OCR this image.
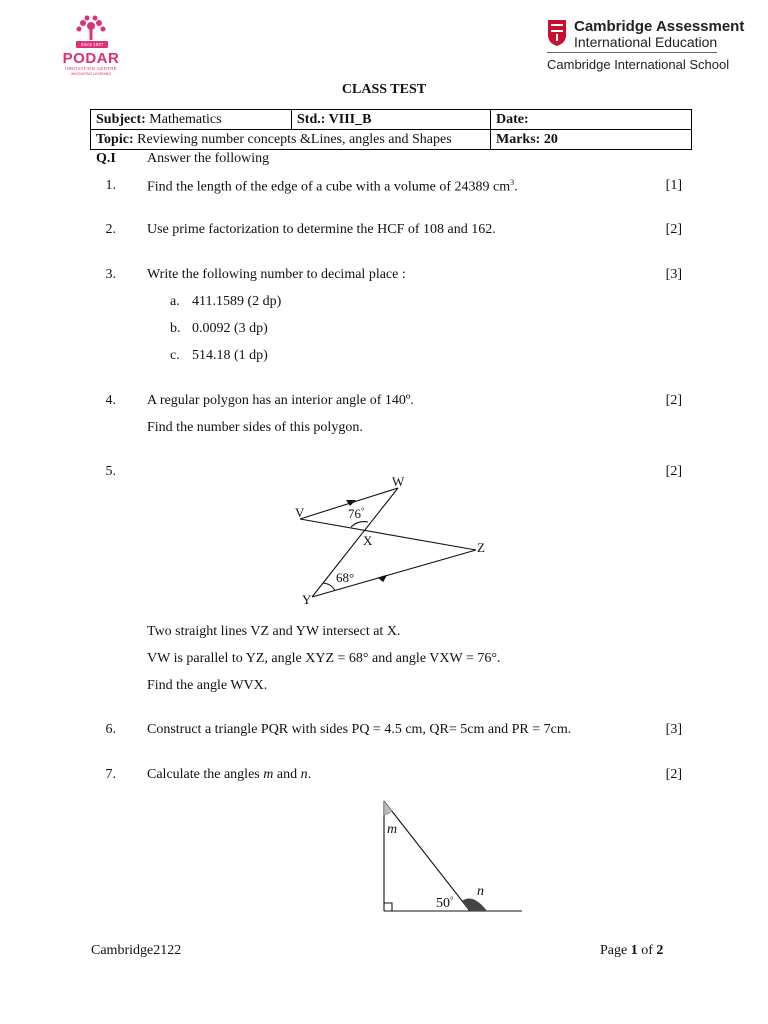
Since 1927
PODAR
INNOVATION CENTRE
INNOVATING LEARNING
Cambridge Assessment
International Education
Cambridge International School
CLASS TEST
Subject: Mathematics	Std.: VIII_B	Date:
Topic: Reviewing number concepts &Lines, angles and Shapes		Marks: 20
Q.I Answer the following
1. Find the length of the edge of a cube with a volume of 24389 $cm^3$.	[1]
2. Use prime factorization to determine the HCF of 108 and 162.	[2]
3. Write the following number to decimal place :	[3]
a. 411.1589 (2 dp)
b. 0.0092 (3 dp)
c. 514.18 (1 dp)
4. A regular polygon has an interior angle of 140º.
Find the number sides of this polygon.
[2]
5.	[2]
V
W
X
Y
Z
76°
68°
Two straight lines VZ and YW intersect at X.
VW is parallel to YZ, angle XYZ = 68° and angle VXW = 76°.
Find the angle WVX.
6. Construct a triangle PQR with sides PQ = 4.5 cm, QR= 5cm and PR = 7cm.	[3]
7. Calculate the angles m and n.	[2]
m
n
50°
Cambridge2122	Page 1 of 2
